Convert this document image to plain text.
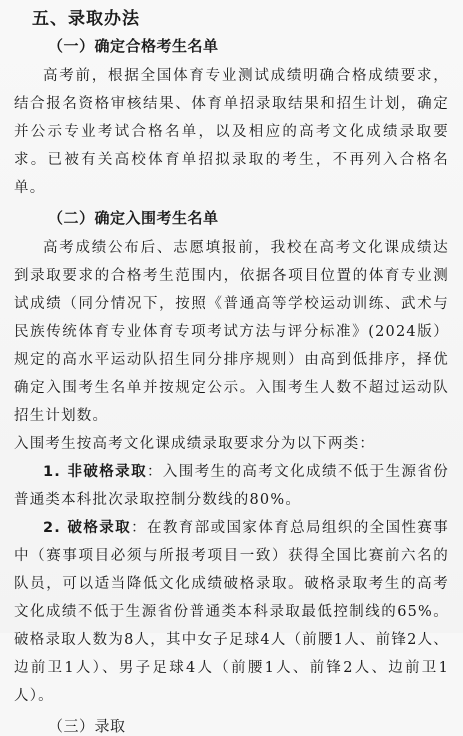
五、录取办法
（一）确定合格考生名单

高考前，根据全国体育专业测试成绩明确合格成绩要求，结合报名资格审核结果、体育单招录取结果和招生计划，确定并公示专业考试合格名单，以及相应的高考文化成绩录取要求。已被有关高校体育单招拟录取的考生，不再列入合格名单。

（二）确定入围考生名单

高考成绩公布后、志愿填报前，我校在高考文化课成绩达到录取要求的合格考生范围内，依据各项目位置的体育专业测试成绩（同分情况下，按照《普通高等学校运动训练、武术与民族传统体育专业体育专项考试方法与评分标准》(2024版）规定的高水平运动队招生同分排序规则）由高到低排序，择优确定入围考生名单并按规定公示。入围考生人数不超过运动队招生计划数。

入围考生按高考文化课成绩录取要求分为以下两类：

1. 非破格录取：入围考生的高考文化成绩不低于生源省份普通类本科批次录取控制分数线的80%。

2. 破格录取：在教育部或国家体育总局组织的全国性赛事中（赛事项目必须与所报考项目一致）获得全国比赛前六名的队员，可以适当降低文化成绩破格录取。破格录取考生的高考文化成绩不低于生源省份普通类本科录取最低控制线的65%。破格录取人数为8人，其中女子足球4人（前腰1人、前锋2人、边前卫1人）、男子足球4人（前腰1人、前锋2人、边前卫1人）。

（三）录取
